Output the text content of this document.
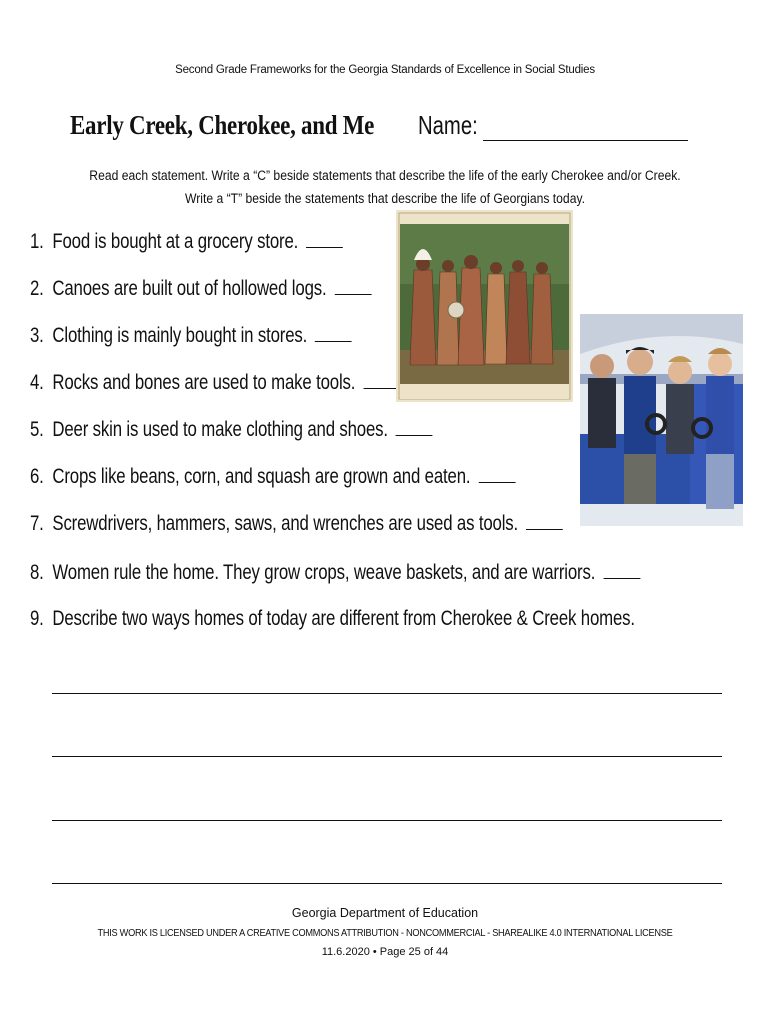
Second Grade Frameworks for the Georgia Standards of Excellence in Social Studies
Early Creek, Cherokee, and Me Name:
Read each statement. Write a “C” beside statements that describe the life of the early Cherokee and/or Creek.
Write a “T” beside the statements that describe the life of Georgians today.
1. Food is bought at a grocery store.
2. Canoes are built out of hollowed logs.
3. Clothing is mainly bought in stores.
4. Rocks and bones are used to make tools.
5. Deer skin is used to make clothing and shoes.
6. Crops like beans, corn, and squash are grown and eaten.
7. Screwdrivers, hammers, saws, and wrenches are used as tools.
8. Women rule the home. They grow crops, weave baskets, and are warriors.
9. Describe two ways homes of today are different from Cherokee & Creek homes.
Georgia Department of Education
THIS WORK IS LICENSED UNDER A CREATIVE COMMONS ATTRIBUTION - NONCOMMERCIAL - SHAREALIKE 4.0 INTERNATIONAL LICENSE
11.6.2020 • Page 25 of 44
